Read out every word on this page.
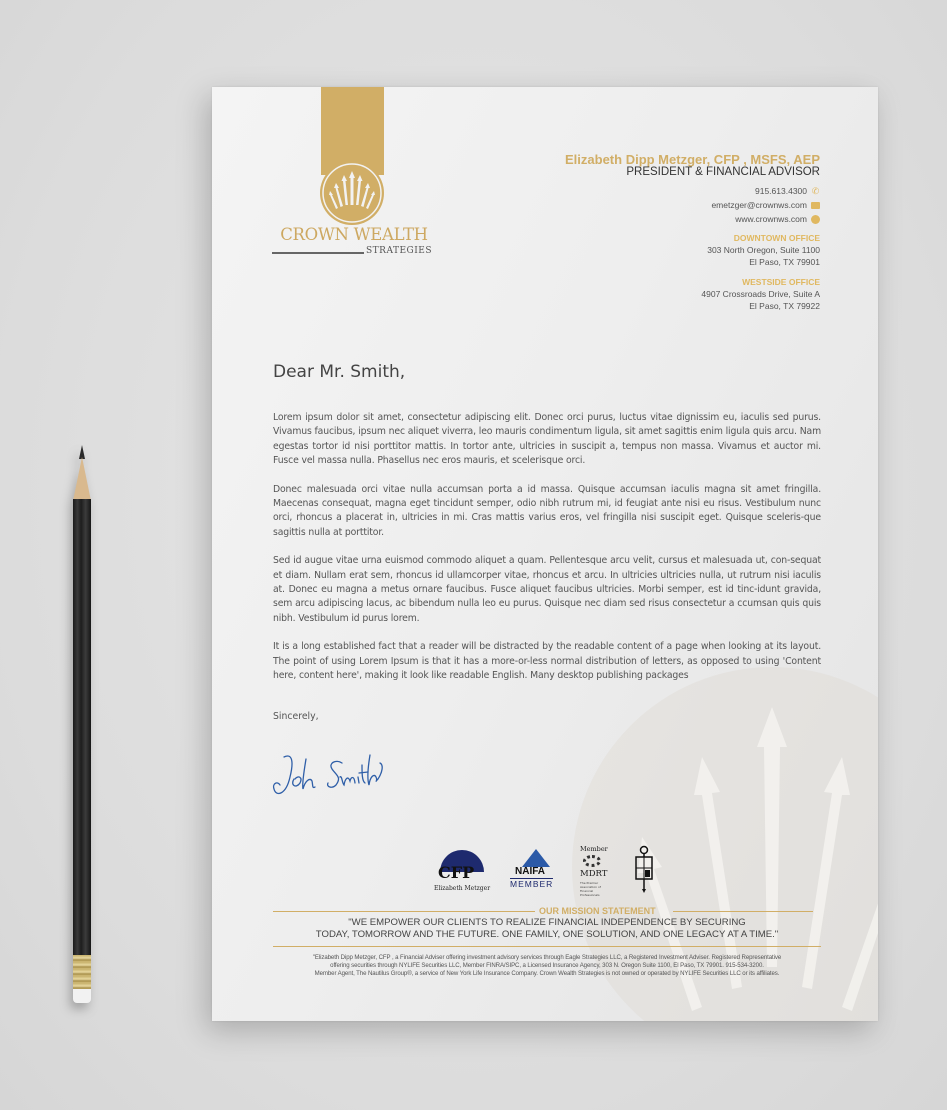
CROWN WEALTH
STRATEGIES
Elizabeth Dipp Metzger, CFP , MSFS, AEP
PRESIDENT & FINANCIAL ADVISOR
915.613.4300 ✆
emetzger@crownws.com
www.crownws.com
DOWNTOWN OFFICE
303 North Oregon, Suite 1100
El Paso, TX 79901
WESTSIDE OFFICE
4907 Crossroads Drive, Suite A
El Paso, TX 79922
Dear Mr. Smith,

Lorem ipsum dolor sit amet, consectetur adipiscing elit. Donec orci purus, luctus vitae dignissim eu, iaculis sed purus. Vivamus faucibus, ipsum nec aliquet viverra, leo mauris condimentum ligula, sit amet sagittis enim ligula quis arcu. Nam egestas tortor id nisi porttitor mattis. In tortor ante, ultricies in suscipit a, tempus non massa. Vivamus et auctor mi. Fusce vel massa nulla. Phasellus nec eros mauris, et scelerisque orci.

Donec malesuada orci vitae nulla accumsan porta a id massa. Quisque accumsan iaculis magna sit amet fringilla. Maecenas consequat, magna eget tincidunt semper, odio nibh rutrum mi, id feugiat ante nisi eu risus. Vestibulum nunc orci, rhoncus a placerat in, ultricies in mi. Cras mattis varius eros, vel fringilla nisi suscipit eget. Quisque sceleris-que sagittis nulla at porttitor.

Sed id augue vitae urna euismod commodo aliquet a quam. Pellentesque arcu velit, cursus et malesuada ut, con-sequat et diam. Nullam erat sem, rhoncus id ullamcorper vitae, rhoncus et arcu. In ultricies ultricies nulla, ut rutrum nisi iaculis at. Donec eu magna a metus ornare faucibus. Fusce aliquet faucibus ultricies. Morbi semper, est id tinc-idunt gravida, sem arcu adipiscing lacus, ac bibendum nulla leo eu purus. Quisque nec diam sed risus consectetur a ccumsan quis quis nibh. Vestibulum id purus lorem.

It is a long established fact that a reader will be distracted by the readable content of a page when looking at its layout. The point of using Lorem Ipsum is that it has a more-or-less normal distribution of letters, as opposed to using 'Content here, content here', making it look like readable English. Many desktop publishing packages

Sincerely,
CFP
Elizabeth Metzger
NAIFA
MEMBER
Member
MDRT
The Premier Association of Financial Professionals
OUR MISSION STATEMENT
"WE EMPOWER OUR CLIENTS TO REALIZE FINANCIAL INDEPENDENCE BY SECURING
TODAY, TOMORROW AND THE FUTURE. ONE FAMILY, ONE SOLUTION, AND ONE LEGACY AT A TIME."
"Elizabeth Dipp Metzger, CFP , a Financial Adviser offering investment advisory services through Eagle Strategies LLC, a Registered Investment Adviser. Registered Representative
offering securities through NYLIFE Securities LLC, Member FINRA/SIPC, a Licensed Insurance Agency, 303 N. Oregon Suite 1100, El Paso, TX 79901. 915-534-3200.
Member Agent, The Nautilus Group®, a service of New York Life Insurance Company. Crown Wealth Strategies is not owned or operated by NYLIFE Securities LLC or its affiliates.
